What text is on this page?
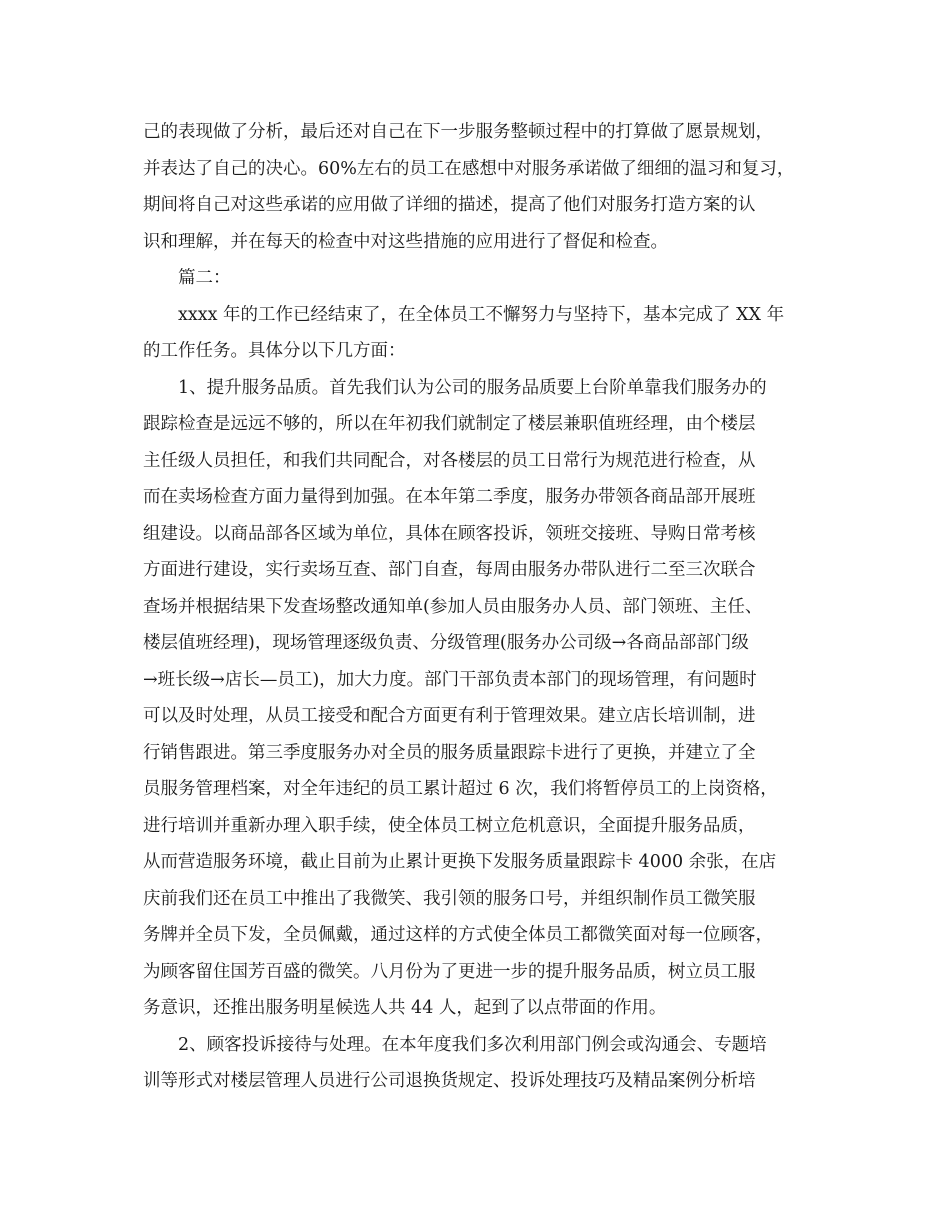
己的表现做了分析，最后还对自己在下一步服务整顿过程中的打算做了愿景规划，
并表达了自己的决心。60%左右的员工在感想中对服务承诺做了细细的温习和复习，
期间将自己对这些承诺的应用做了详细的描述，提高了他们对服务打造方案的认
识和理解，并在每天的检查中对这些措施的应用进行了督促和检查。
篇二：
xxxx 年的工作已经结束了，在全体员工不懈努力与坚持下，基本完成了 XX 年
的工作任务。具体分以下几方面：
1、提升服务品质。首先我们认为公司的服务品质要上台阶单靠我们服务办的
跟踪检查是远远不够的，所以在年初我们就制定了楼层兼职值班经理，由个楼层
主任级人员担任，和我们共同配合，对各楼层的员工日常行为规范进行检查，从
而在卖场检查方面力量得到加强。在本年第二季度，服务办带领各商品部开展班
组建设。以商品部各区域为单位，具体在顾客投诉，领班交接班、导购日常考核
方面进行建设，实行卖场互查、部门自查，每周由服务办带队进行二至三次联合
查场并根据结果下发查场整改通知单(参加人员由服务办人员、部门领班、主任、
楼层值班经理)，现场管理逐级负责、分级管理(服务办公司级→各商品部部门级
→班长级→店长—员工)，加大力度。部门干部负责本部门的现场管理，有问题时
可以及时处理，从员工接受和配合方面更有利于管理效果。建立店长培训制，进
行销售跟进。第三季度服务办对全员的服务质量跟踪卡进行了更换，并建立了全
员服务管理档案，对全年违纪的员工累计超过 6 次，我们将暂停员工的上岗资格，
进行培训并重新办理入职手续，使全体员工树立危机意识，全面提升服务品质，
从而营造服务环境，截止目前为止累计更换下发服务质量跟踪卡 4000 余张，在店
庆前我们还在员工中推出了我微笑、我引领的服务口号，并组织制作员工微笑服
务牌并全员下发，全员佩戴，通过这样的方式使全体员工都微笑面对每一位顾客，
为顾客留住国芳百盛的微笑。八月份为了更进一步的提升服务品质，树立员工服
务意识，还推出服务明星候选人共 44 人，起到了以点带面的作用。
2、顾客投诉接待与处理。在本年度我们多次利用部门例会或沟通会、专题培
训等形式对楼层管理人员进行公司退换货规定、投诉处理技巧及精品案例分析培
